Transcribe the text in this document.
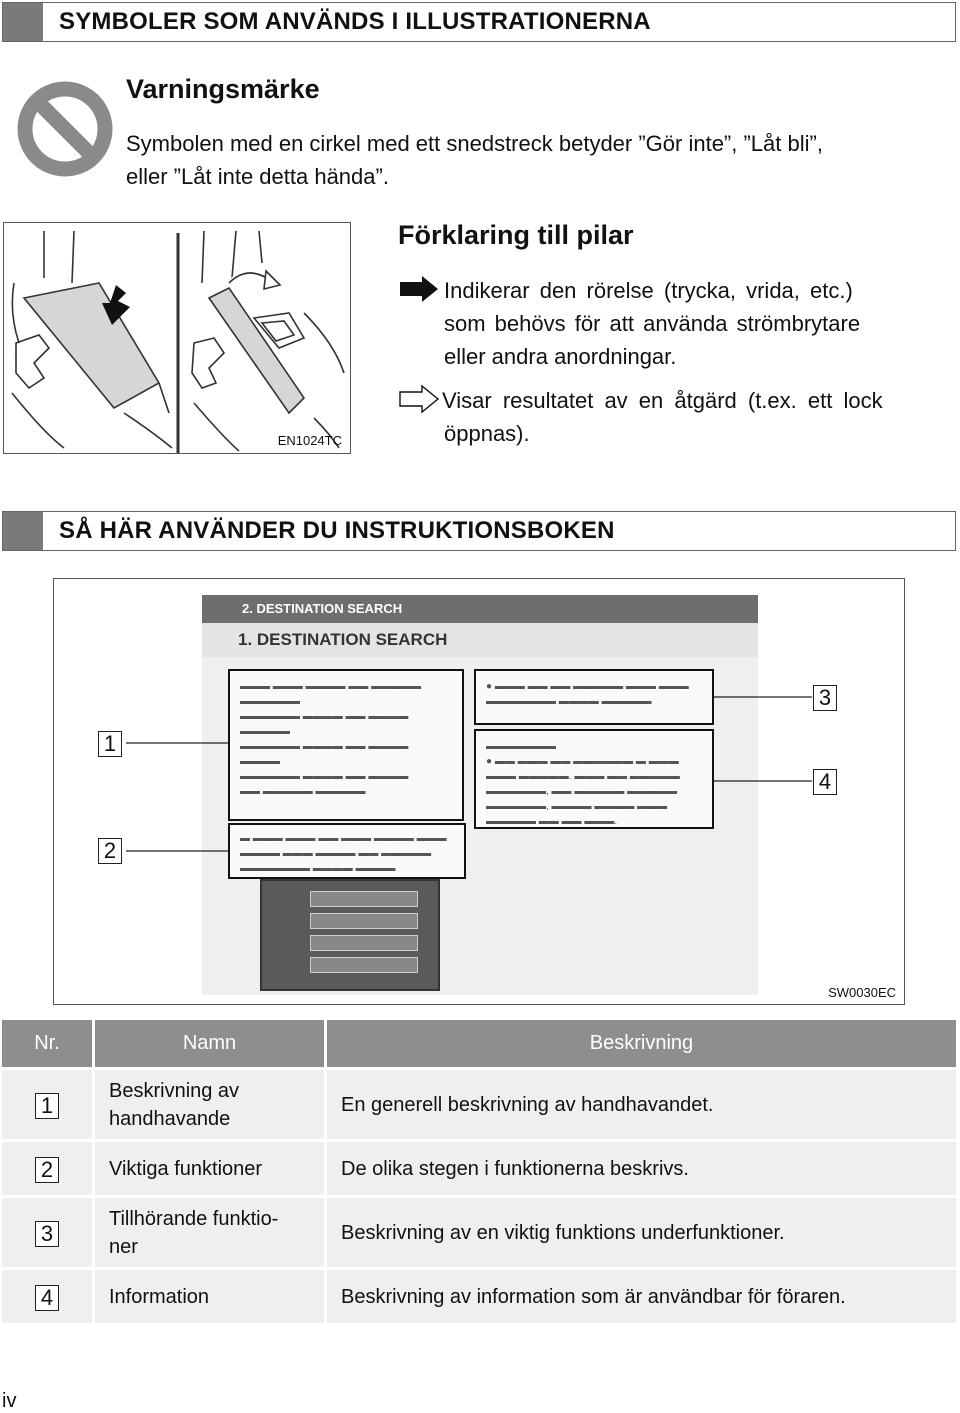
SYMBOLER SOM ANVÄNDS I ILLUSTRATIONERNA
Varningsmärke
Symbolen med en cirkel med ett snedstreck betyder ”Gör inte”, ”Låt bli”,
eller ”Låt inte detta hända”.
EN1024TC
Förklaring till pilar
Indikerar den rörelse (trycka, vrida, etc.)
som behövs för att använda strömbrytare
eller andra anordningar.
Visar resultatet av en åtgärd (t.ex. ett lock
öppnas).
SÅ HÄR ANVÄNDER DU INSTRUKTIONSBOKEN
2. DESTINATION SEARCH
1. DESTINATION SEARCH
▬▬▬ ▬▬▬ ▬▬▬▬ ▬▬ ▬▬▬▬▬
▬▬▬▬▬▬
▬▬▬▬▬▬ ▬▬▬▬ ▬▬ ▬▬▬▬
▬▬▬▬▬
▬▬▬▬▬▬ ▬▬▬▬ ▬▬ ▬▬▬▬
▬▬▬▬
▬▬▬▬▬▬ ▬▬▬▬ ▬▬ ▬▬▬▬
▬▬ ▬▬▬▬▬ ▬▬▬▬▬
▬ ▬▬▬ ▬▬▬ ▬▬ ▬▬▬ ▬▬▬▬ ▬▬▬
▬▬▬▬ ▬▬▬ ▬▬▬▬ ▬▬ ▬▬▬▬▬
▬▬▬▬▬▬▬ ▬▬▬▬ ▬▬▬▬
● ▬▬▬ ▬▬ ▬▬ ▬▬▬▬▬ ▬▬▬ ▬▬▬
▬▬▬▬▬▬▬ ▬▬▬▬ ▬▬▬▬▬
▬▬▬▬▬▬▬
● ▬▬ ▬▬▬ ▬▬ ▬▬▬▬▬▬ ▬ ▬▬▬
▬▬▬ ▬▬▬▬▬. ▬▬▬ ▬▬ ▬▬▬▬▬
▬▬▬▬▬▬, ▬▬ ▬▬▬▬▬ ▬▬▬▬▬
▬▬▬▬▬▬, ▬▬▬▬ ▬▬▬▬ ▬▬▬
▬▬▬▬▬ ▬▬ ▬▬ ▬▬▬.
1
2
3
4
SW0030EC
Nr.	Namn	Beskrivning
1	Beskrivning av
handhavande	En generell beskrivning av handhavandet.
2	Viktiga funktioner	De olika stegen i funktionerna beskrivs.
3	Tillhörande funktio-
ner	Beskrivning av en viktig funktions underfunktioner.
4	Information	Beskrivning av information som är användbar för föraren.
iv
